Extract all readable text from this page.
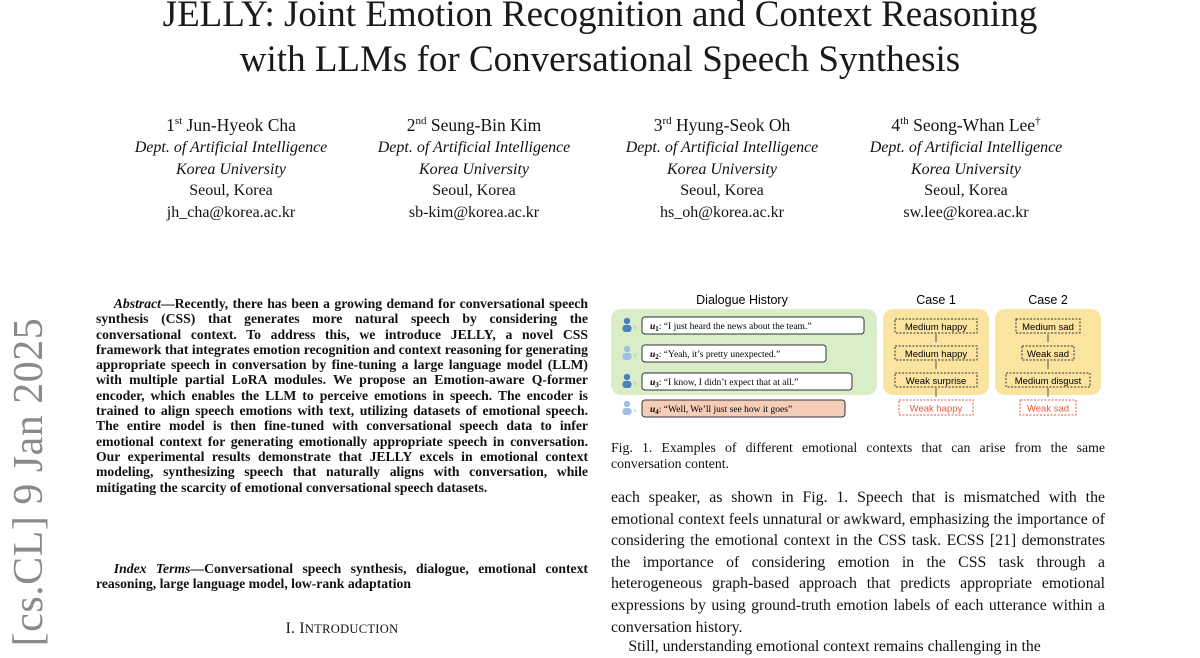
JELLY: Joint Emotion Recognition and Context Reasoning
with LLMs for Conversational Speech Synthesis
1st Jun-Hyeok Cha
Dept. of Artificial Intelligence
Korea University
Seoul, Korea
jh_cha@korea.ac.kr
2nd Seung-Bin Kim
Dept. of Artificial Intelligence
Korea University
Seoul, Korea
sb-kim@korea.ac.kr
3rd Hyung-Seok Oh
Dept. of Artificial Intelligence
Korea University
Seoul, Korea
hs_oh@korea.ac.kr
4th Seong-Whan Lee†
Dept. of Artificial Intelligence
Korea University
Seoul, Korea
sw.lee@korea.ac.kr
[cs.CL] 9 Jan 2025
Abstract—Recently, there has been a growing demand for conversational speech synthesis (CSS) that generates more natural speech by considering the conversational context. To address this, we introduce JELLY, a novel CSS framework that integrates emotion recognition and context reasoning for generating appropriate speech in conversation by fine-tuning a large language model (LLM) with multiple partial LoRA modules. We propose an Emotion-aware Q-former encoder, which enables the LLM to perceive emotions in speech. The encoder is trained to align speech emotions with text, utilizing datasets of emotional speech. The entire model is then fine-tuned with conversational speech data to infer emotional context for generating emotionally appropriate speech in conversation. Our experimental results demonstrate that JELLY excels in emotional context modeling, synthesizing speech that naturally aligns with conversation, while mitigating the scarcity of emotional conversational speech datasets.
Index Terms—Conversational speech synthesis, dialogue, emotional context reasoning, large language model, low-rank adaptation
I. INTRODUCTION
Dialogue History	Case 1	Case 2
⁾
⁾
⁾
⁾
$u_1$: “I just heard the news about the team.”
$u_2$: “Yeah, it’s pretty unexpected.”
$u_3$: “I know, I didn’t expect that at all.”
$u_4$: “Well, We’ll just see how it goes”
Medium happy
Medium happy
Weak surprise
Weak happy
Medium sad
Weak sad
Medium disgust
Weak sad
Fig. 1. Examples of different emotional contexts that can arise from the same conversation content.
each speaker, as shown in Fig. 1. Speech that is mismatched with the emotional context feels unnatural or awkward, emphasizing the importance of considering the emotional context in the CSS task. ECSS [21] demonstrates the importance of considering emotion in the CSS task through a heterogeneous graph-based approach that predicts appropriate emotional expressions by using ground-truth emotion labels of each utterance within a conversation history.
Still, understanding emotional context remains challenging in the
